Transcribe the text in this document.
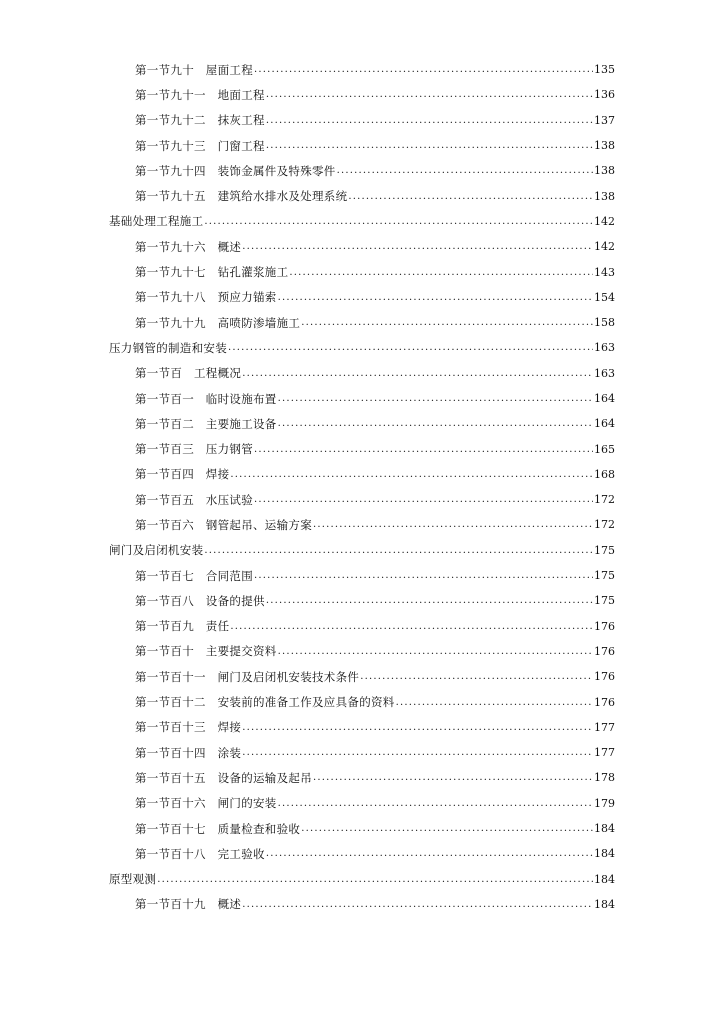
第一节九十　屋面工程 .....	135
第一节九十一　地面工程 .....	136
第一节九十二　抹灰工程 .....	137
第一节九十三　门窗工程 .....	138
第一节九十四　装饰金属件及特殊零件 .....	138
第一节九十五　建筑给水排水及处理系统 .....	138
基础处理工程施工 .....	142
第一节九十六　概述 .....	142
第一节九十七　钻孔灌浆施工 .....	143
第一节九十八　预应力锚索 .....	154
第一节九十九　高喷防渗墙施工 .....	158
压力钢管的制造和安装 .....	163
第一节百　工程概况 .....	163
第一节百一　临时设施布置 .....	164
第一节百二　主要施工设备 .....	164
第一节百三　压力钢管 .....	165
第一节百四　焊接 .....	168
第一节百五　水压试验 .....	172
第一节百六　钢管起吊、运输方案 .....	172
闸门及启闭机安装 .....	175
第一节百七　合同范围 .....	175
第一节百八　设备的提供 .....	175
第一节百九　责任 .....	176
第一节百十　主要提交资料 .....	176
第一节百十一　闸门及启闭机安装技术条件 .....	176
第一节百十二　安装前的准备工作及应具备的资料 .....	176
第一节百十三　焊接 .....	177
第一节百十四　涂装 .....	177
第一节百十五　设备的运输及起吊 .....	178
第一节百十六　闸门的安装 .....	179
第一节百十七　质量检查和验收 .....	184
第一节百十八　完工验收 .....	184
原型观测 .....	184
第一节百十九　概述 .....	184
